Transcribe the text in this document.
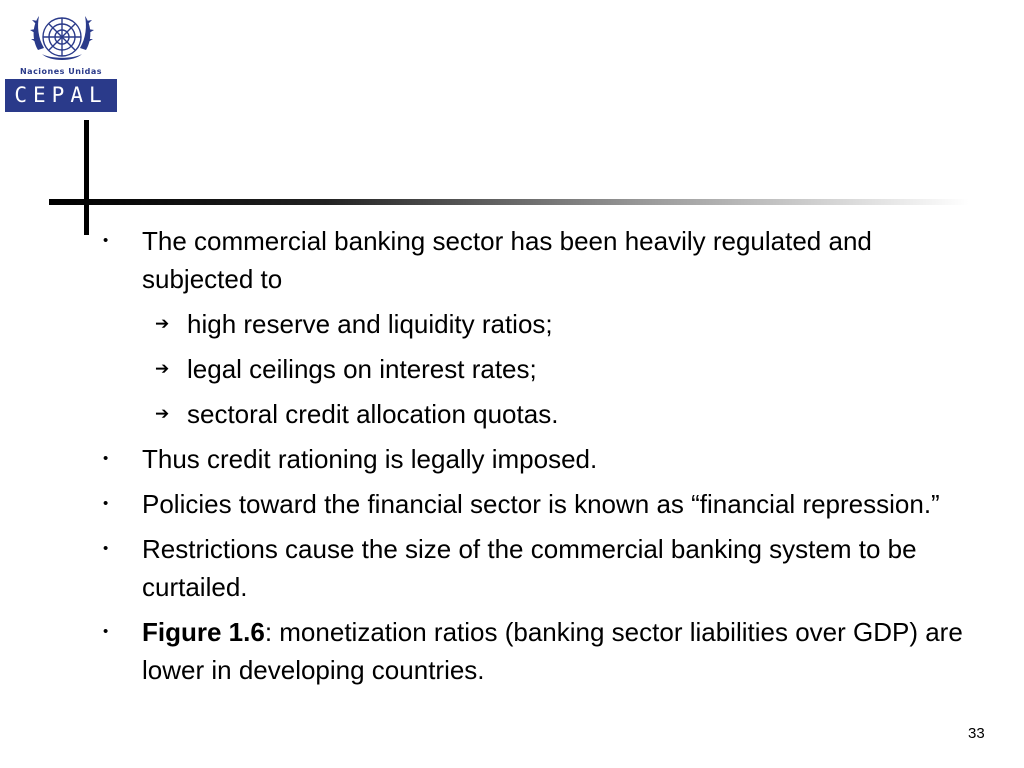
Naciones Unidas
CEPAL
• The commercial banking sector has been heavily regulated and subjected to
➔ high reserve and liquidity ratios;
➔ legal ceilings on interest rates;
➔ sectoral credit allocation quotas.
• Thus credit rationing is legally imposed.
• Policies toward the financial sector is known as “financial repression.”
• Restrictions cause the size of the commercial banking system to be curtailed.
• Figure 1.6: monetization ratios (banking sector liabilities over GDP) are lower in developing countries.
33
